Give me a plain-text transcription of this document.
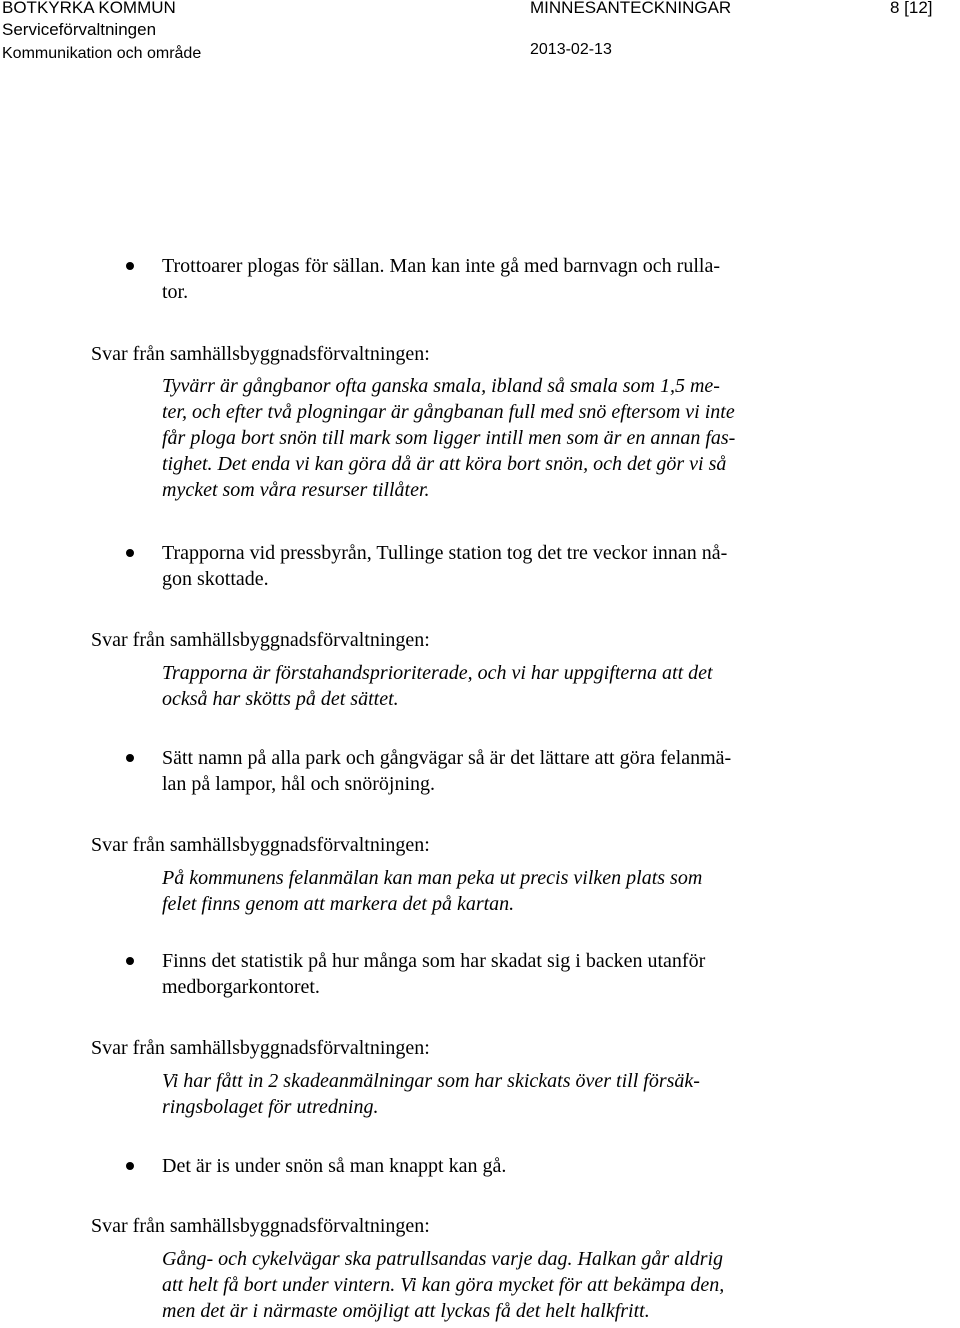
BOTKYRKA KOMMUN
Serviceförvaltningen
Kommunikation och område
MINNESANTECKNINGAR
2013-02-13
8 [12]
Trottoarer plogas för sällan. Man kan inte gå med barnvagn och rulla-
tor.
Svar från samhällsbyggnadsförvaltningen:
Tyvärr är gångbanor ofta ganska smala, ibland så smala som 1,5 me-
ter, och efter två plogningar är gångbanan full med snö eftersom vi inte
får ploga bort snön till mark som ligger intill men som är en annan fas-
tighet. Det enda vi kan göra då är att köra bort snön, och det gör vi så
mycket som våra resurser tillåter.
Trapporna vid pressbyrån, Tullinge station tog det tre veckor innan nå-
gon skottade.
Svar från samhällsbyggnadsförvaltningen:
Trapporna är förstahandsprioriterade, och vi har uppgifterna att det
också har skötts på det sättet.
Sätt namn på alla park och gångvägar så är det lättare att göra felanmä-
lan på lampor, hål och snöröjning.
Svar från samhällsbyggnadsförvaltningen:
På kommunens felanmälan kan man peka ut precis vilken plats som
felet finns genom att markera det på kartan.
Finns det statistik på hur många som har skadat sig i backen utanför
medborgarkontoret.
Svar från samhällsbyggnadsförvaltningen:
Vi har fått in 2 skadeanmälningar som har skickats över till försäk-
ringsbolaget för utredning.
Det är is under snön så man knappt kan gå.
Svar från samhällsbyggnadsförvaltningen:
Gång- och cykelvägar ska patrullsandas varje dag. Halkan går aldrig
att helt få bort under vintern. Vi kan göra mycket för att bekämpa den,
men det är i närmaste omöjligt att lyckas få det helt halkfritt.
